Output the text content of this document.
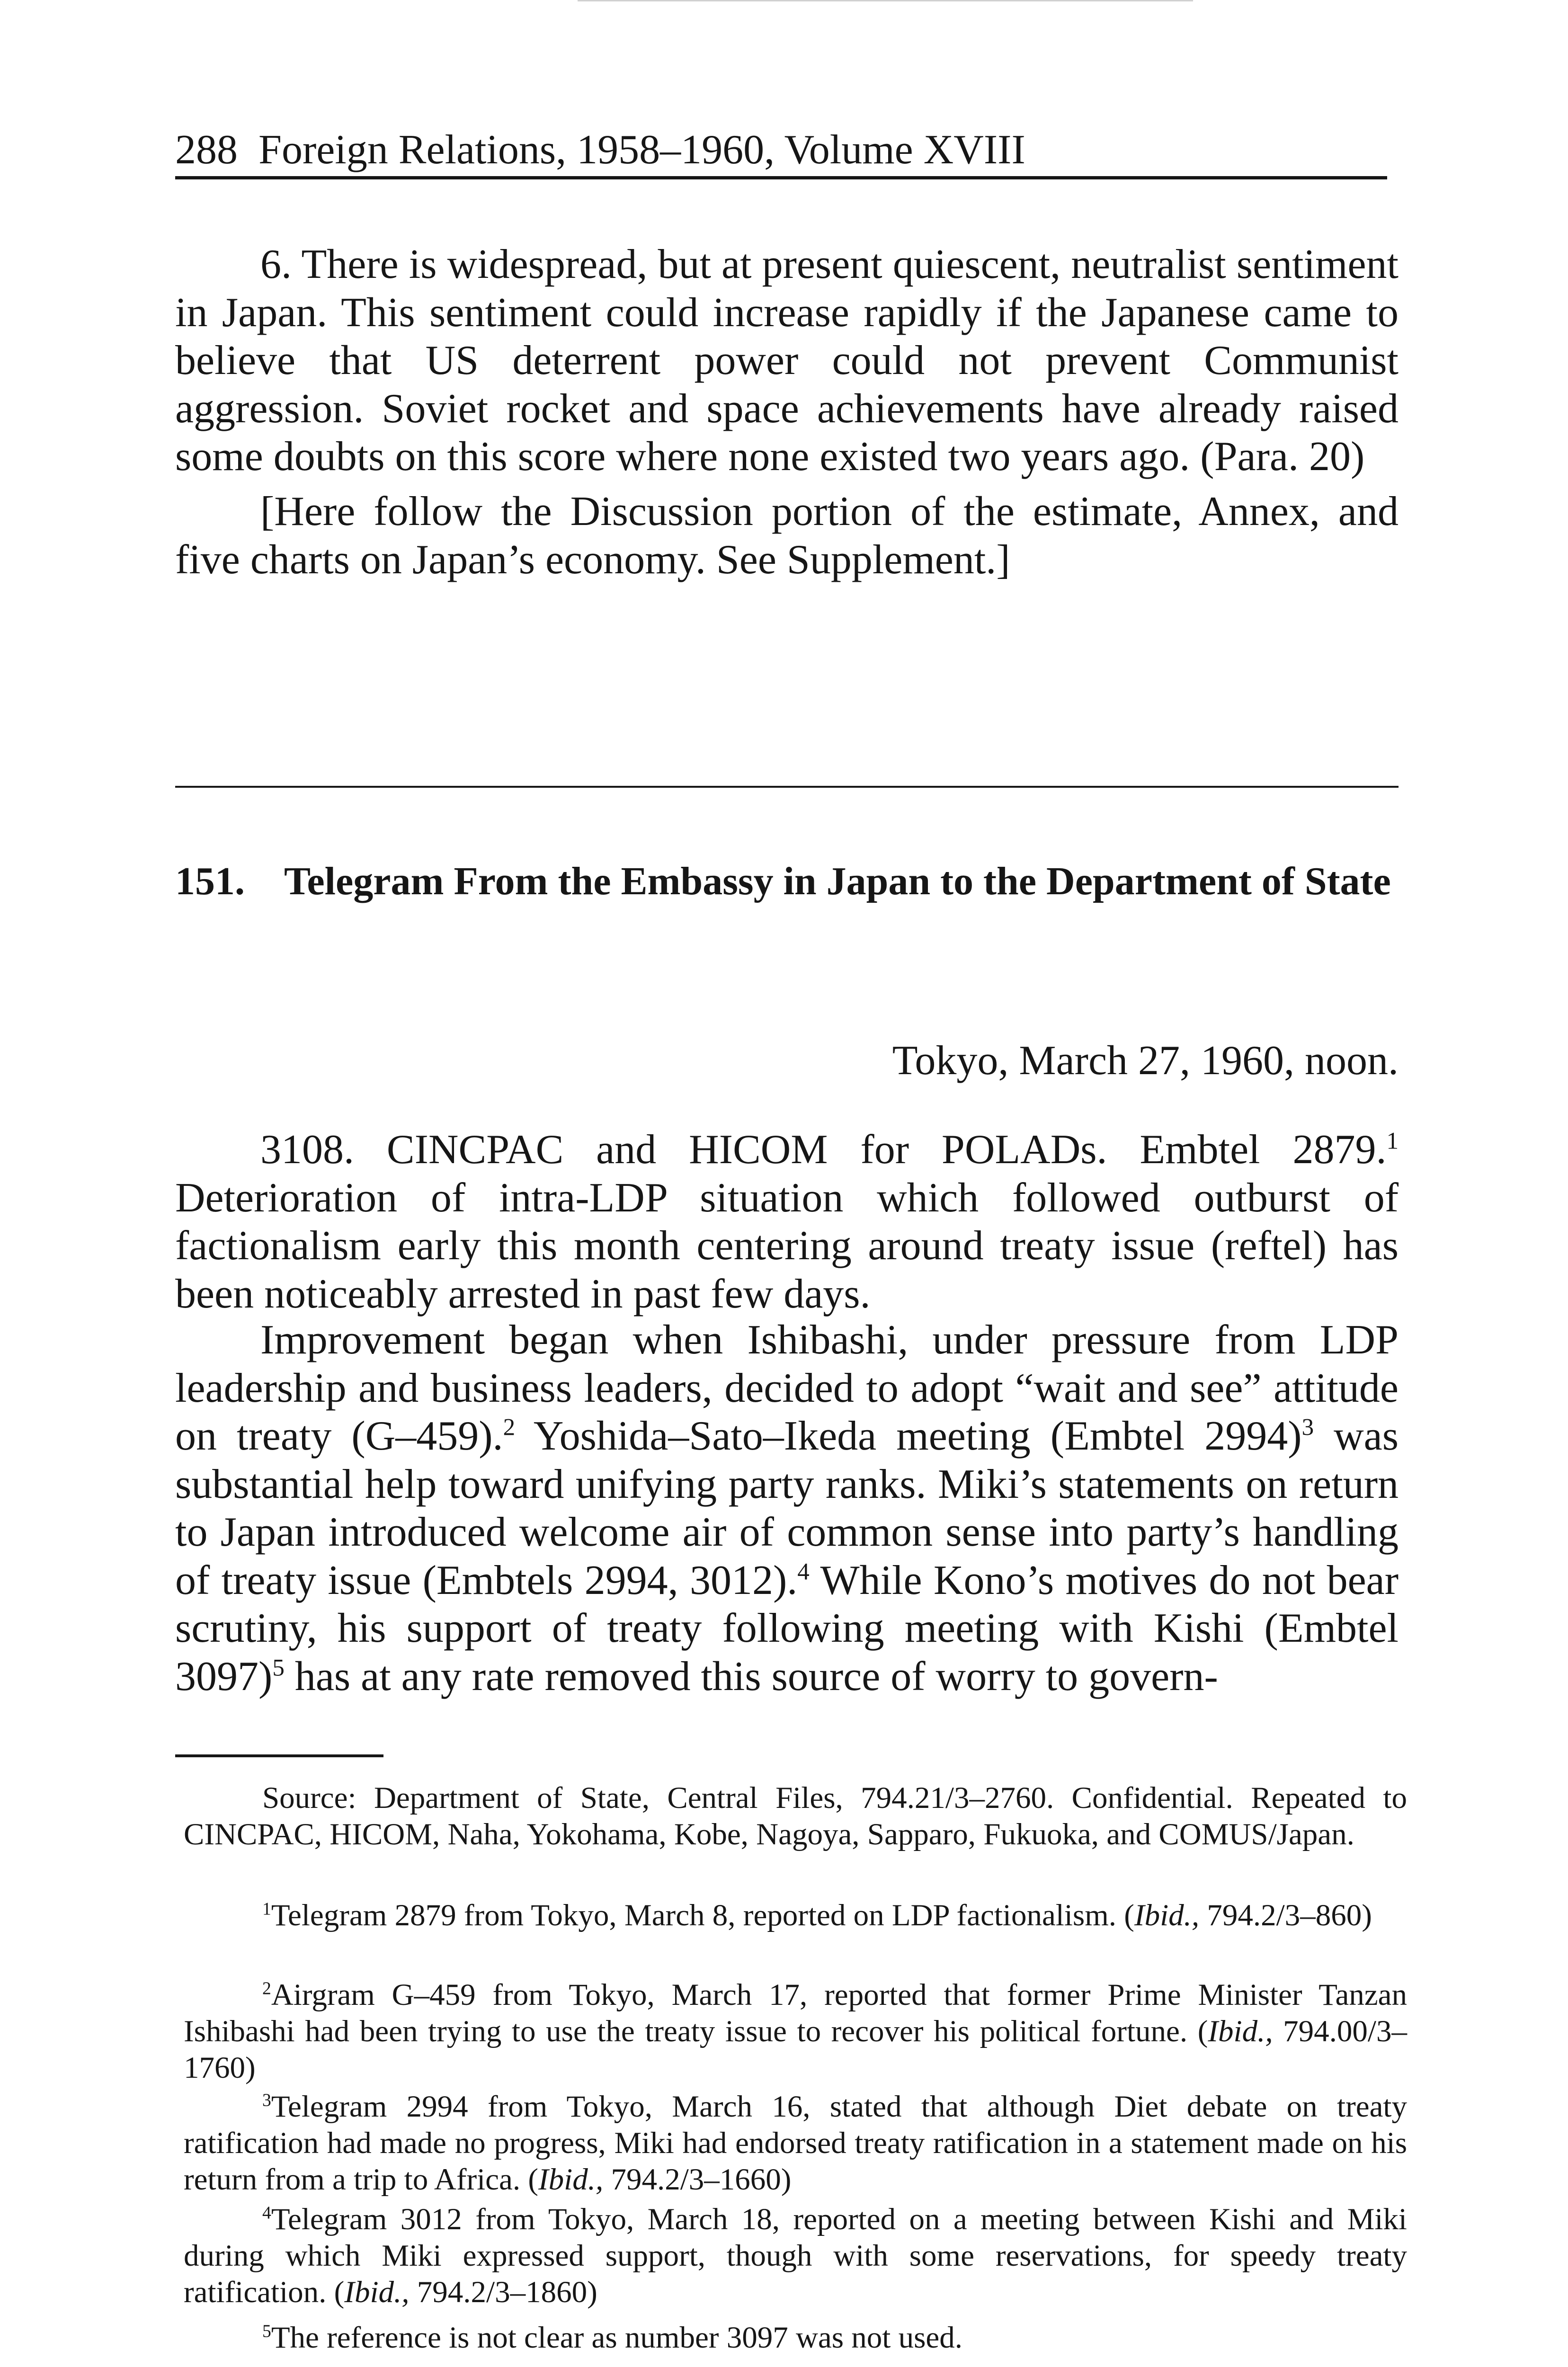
288 Foreign Relations, 1958–1960, Volume XVIII

6. There is widespread, but at present quiescent, neutralist sentiment in Japan. This sentiment could increase rapidly if the Japanese came to believe that US deterrent power could not prevent Communist aggression. Soviet rocket and space achievements have already raised some doubts on this score where none existed two years ago. (Para. 20)

[Here follow the Discussion portion of the estimate, Annex, and five charts on Japan’s economy. See Supplement.]

151. Telegram From the Embassy in Japan to the Department of State
Tokyo, March 27, 1960, noon.

3108. CINCPAC and HICOM for POLADs. Embtel 2879.$^1$ Deterioration of intra-LDP situation which followed outburst of factionalism early this month centering around treaty issue (reftel) has been noticeably arrested in past few days.

Improvement began when Ishibashi, under pressure from LDP leadership and business leaders, decided to adopt “wait and see” attitude on treaty (G–459).$^2$ Yoshida–Sato–Ikeda meeting (Embtel 2994)$^3$ was substantial help toward unifying party ranks. Miki’s statements on return to Japan introduced welcome air of common sense into party’s handling of treaty issue (Embtels 2994, 3012).$^4$ While Kono’s motives do not bear scrutiny, his support of treaty following meeting with Kishi (Embtel 3097)$^5$ has at any rate removed this source of worry to govern-

Source: Department of State, Central Files, 794.21/3–2760. Confidential. Repeated to CINCPAC, HICOM, Naha, Yokohama, Kobe, Nagoya, Sapparo, Fukuoka, and COMUS/Japan.

$^1$Telegram 2879 from Tokyo, March 8, reported on LDP factionalism. (Ibid., 794.2/3–860)

$^2$Airgram G–459 from Tokyo, March 17, reported that former Prime Minister Tanzan Ishibashi had been trying to use the treaty issue to recover his political fortune. (Ibid., 794.00/3–1760)

$^3$Telegram 2994 from Tokyo, March 16, stated that although Diet debate on treaty ratification had made no progress, Miki had endorsed treaty ratification in a statement made on his return from a trip to Africa. (Ibid., 794.2/3–1660)

$^4$Telegram 3012 from Tokyo, March 18, reported on a meeting between Kishi and Miki during which Miki expressed support, though with some reservations, for speedy treaty ratification. (Ibid., 794.2/3–1860)

$^5$The reference is not clear as number 3097 was not used.
